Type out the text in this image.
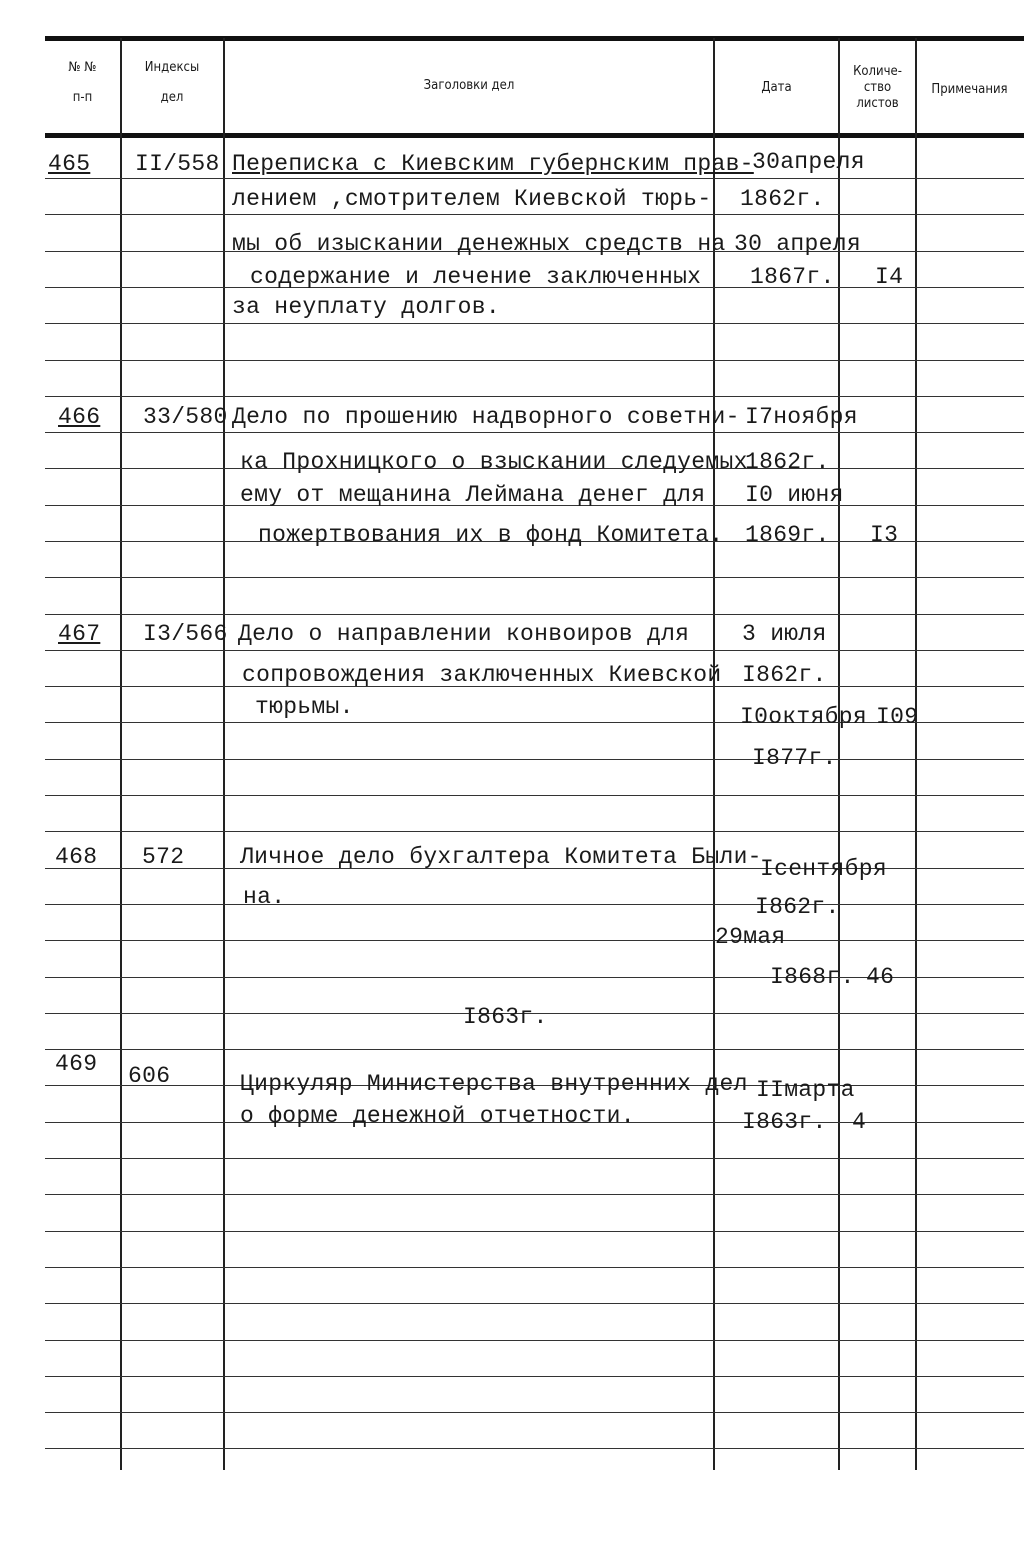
№ №
п-п
Индексы
дел
Заголовки дел	Дата
Количе-
ство
листов
Примечания
465 II/558 Переписка с Киевским губернским прав-
лением ,смотрителем Киевской тюрь-
мы об изыскании денежных средств на
содержание и лечение заключенных
за неуплату долгов.
30апреля
1862г.
30 апреля
1867г. I4
466 33/580 Дело по прошению надворного советни-
ка Прохницкого о взыскании следуемых
ему от мещанина Леймана денег для
пожертвования их в фонд Комитета.
I7ноября
1862г.
I0 июня
1869г. I3
467 I3/566 Дело о направлении конвоиров для
сопровождения заключенных Киевской
тюрьмы.
3 июля
I862г.
I0октября
I877г.
I09
468 572 Личное дело бухгалтера Комитета Были-
на.
Iсентября
I862г.
29мая
I868г. 46
I863г.
469 606	Циркуляр Министерства внутренних дел
о форме денежной отчетности.
IIмарта
I863г. 4
